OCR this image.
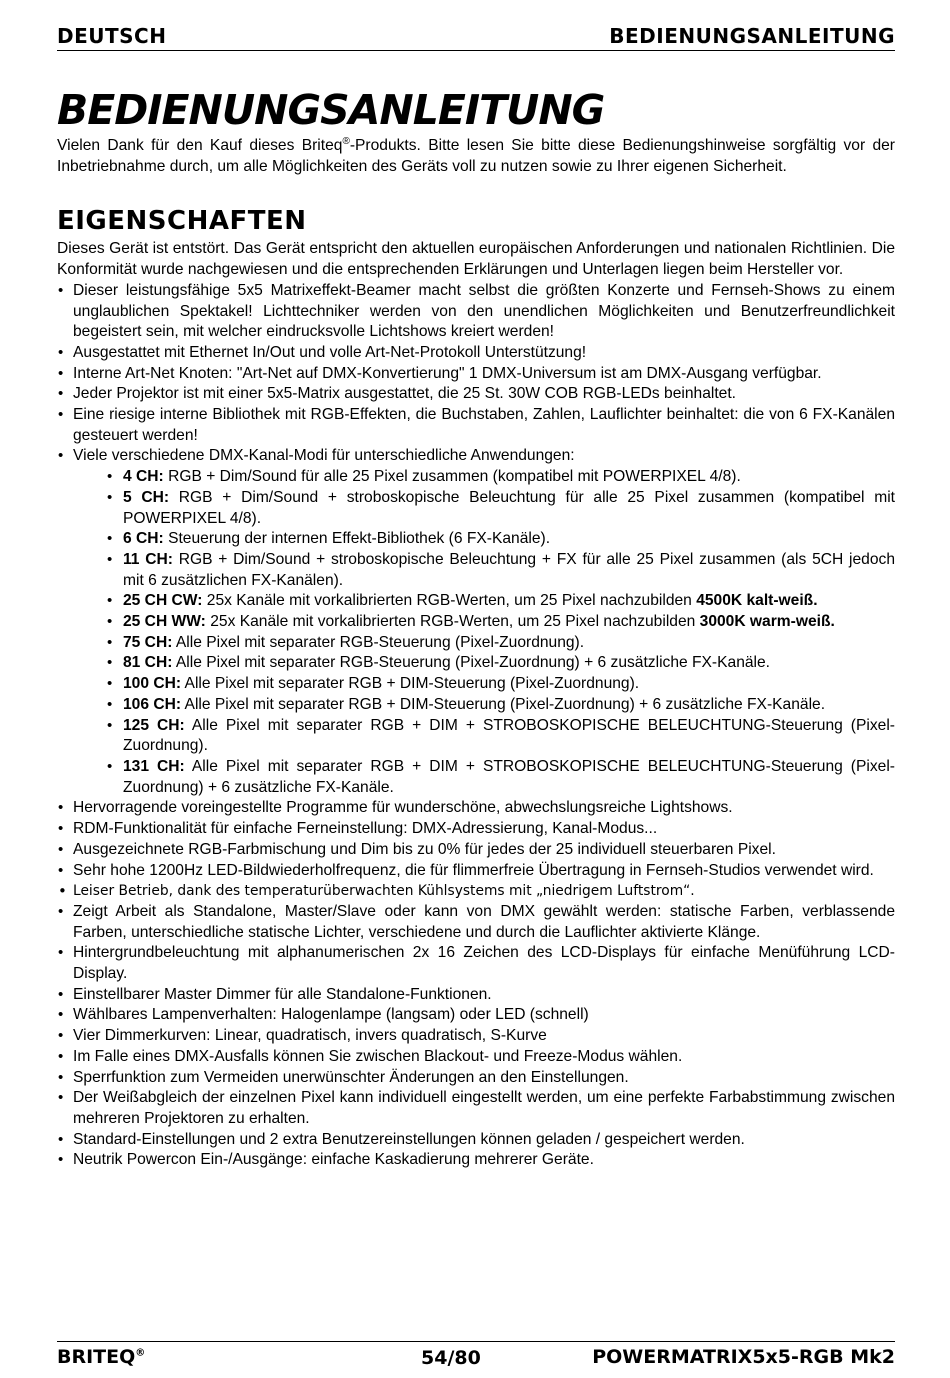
DEUTSCH	BEDIENUNGSANLEITUNG
BEDIENUNGSANLEITUNG

Vielen Dank für den Kauf dieses Briteq®-Produkts. Bitte lesen Sie bitte diese Bedienungshinweise sorgfältig vor der Inbetriebnahme durch, um alle Möglichkeiten des Geräts voll zu nutzen sowie zu Ihrer eigenen Sicherheit.

EIGENSCHAFTEN

Dieses Gerät ist entstört. Das Gerät entspricht den aktuellen europäischen Anforderungen und nationalen Richtlinien. Die Konformität wurde nachgewiesen und die entsprechenden Erklärungen und Unterlagen liegen beim Hersteller vor.

• Dieser leistungsfähige 5x5 Matrixeffekt-Beamer macht selbst die größten Konzerte und Fernseh-Shows zu einem unglaublichen Spektakel! Lichttechniker werden von den unendlichen Möglichkeiten und Benutzerfreundlichkeit begeistert sein, mit welcher eindrucksvolle Lichtshows kreiert werden!
• Ausgestattet mit Ethernet In/Out und volle Art-Net-Protokoll Unterstützung!
• Interne Art-Net Knoten: "Art-Net auf DMX-Konvertierung" 1 DMX-Universum ist am DMX-Ausgang verfügbar.
• Jeder Projektor ist mit einer 5x5-Matrix ausgestattet, die 25 St. 30W COB RGB-LEDs beinhaltet.
• Eine riesige interne Bibliothek mit RGB-Effekten, die Buchstaben, Zahlen, Lauflichter beinhaltet: die von 6 FX-Kanälen gesteuert werden!
• Viele verschiedene DMX-Kanal-Modi für unterschiedliche Anwendungen:
• 4 CH: RGB + Dim/Sound für alle 25 Pixel zusammen (kompatibel mit POWERPIXEL 4/8).
• 5 CH: RGB + Dim/Sound + stroboskopische Beleuchtung für alle 25 Pixel zusammen (kompatibel mit POWERPIXEL 4/8).
• 6 CH: Steuerung der internen Effekt-Bibliothek (6 FX-Kanäle).
• 11 CH: RGB + Dim/Sound + stroboskopische Beleuchtung + FX für alle 25 Pixel zusammen (als 5CH jedoch mit 6 zusätzlichen FX-Kanälen).
• 25 CH CW: 25x Kanäle mit vorkalibrierten RGB-Werten, um 25 Pixel nachzubilden 4500K kalt-weiß.
• 25 CH WW: 25x Kanäle mit vorkalibrierten RGB-Werten, um 25 Pixel nachzubilden 3000K warm-weiß.
• 75 CH: Alle Pixel mit separater RGB-Steuerung (Pixel-Zuordnung).
• 81 CH: Alle Pixel mit separater RGB-Steuerung (Pixel-Zuordnung) + 6 zusätzliche FX-Kanäle.
• 100 CH: Alle Pixel mit separater RGB + DIM-Steuerung (Pixel-Zuordnung).
• 106 CH: Alle Pixel mit separater RGB + DIM-Steuerung (Pixel-Zuordnung) + 6 zusätzliche FX-Kanäle.
• 125 CH: Alle Pixel mit separater RGB + DIM + STROBOSKOPISCHE BELEUCHTUNG-Steuerung (Pixel-Zuordnung).
• 131 CH: Alle Pixel mit separater RGB + DIM + STROBOSKOPISCHE BELEUCHTUNG-Steuerung (Pixel-Zuordnung) + 6 zusätzliche FX-Kanäle.
• Hervorragende voreingestellte Programme für wunderschöne, abwechslungsreiche Lightshows.
• RDM-Funktionalität für einfache Ferneinstellung: DMX-Adressierung, Kanal-Modus...
• Ausgezeichnete RGB-Farbmischung und Dim bis zu 0% für jedes der 25 individuell steuerbaren Pixel.
• Sehr hohe 1200Hz LED-Bildwiederholfrequenz, die für flimmerfreie Übertragung in Fernseh-Studios verwendet wird.
• Leiser Betrieb, dank des temperaturüberwachten Kühlsystems mit „niedrigem Luftstrom“.
• Zeigt Arbeit als Standalone, Master/Slave oder kann von DMX gewählt werden: statische Farben, verblassende Farben, unterschiedliche statische Lichter, verschiedene und durch die Lauflichter aktivierte Klänge.
• Hintergrundbeleuchtung mit alphanumerischen 2x 16 Zeichen des LCD-Displays für einfache Menüführung LCD-Display.
• Einstellbarer Master Dimmer für alle Standalone-Funktionen.
• Wählbares Lampenverhalten: Halogenlampe (langsam) oder LED (schnell)
• Vier Dimmerkurven: Linear, quadratisch, invers quadratisch, S-Kurve
• Im Falle eines DMX-Ausfalls können Sie zwischen Blackout- und Freeze-Modus wählen.
• Sperrfunktion zum Vermeiden unerwünschter Änderungen an den Einstellungen.
• Der Weißabgleich der einzelnen Pixel kann individuell eingestellt werden, um eine perfekte Farbabstimmung zwischen mehreren Projektoren zu erhalten.
• Standard-Einstellungen und 2 extra Benutzereinstellungen können geladen / gespeichert werden.
• Neutrik Powercon Ein-/Ausgänge: einfache Kaskadierung mehrerer Geräte.
BRITEQ®	54/80	POWERMATRIX5x5-RGB Mk2
